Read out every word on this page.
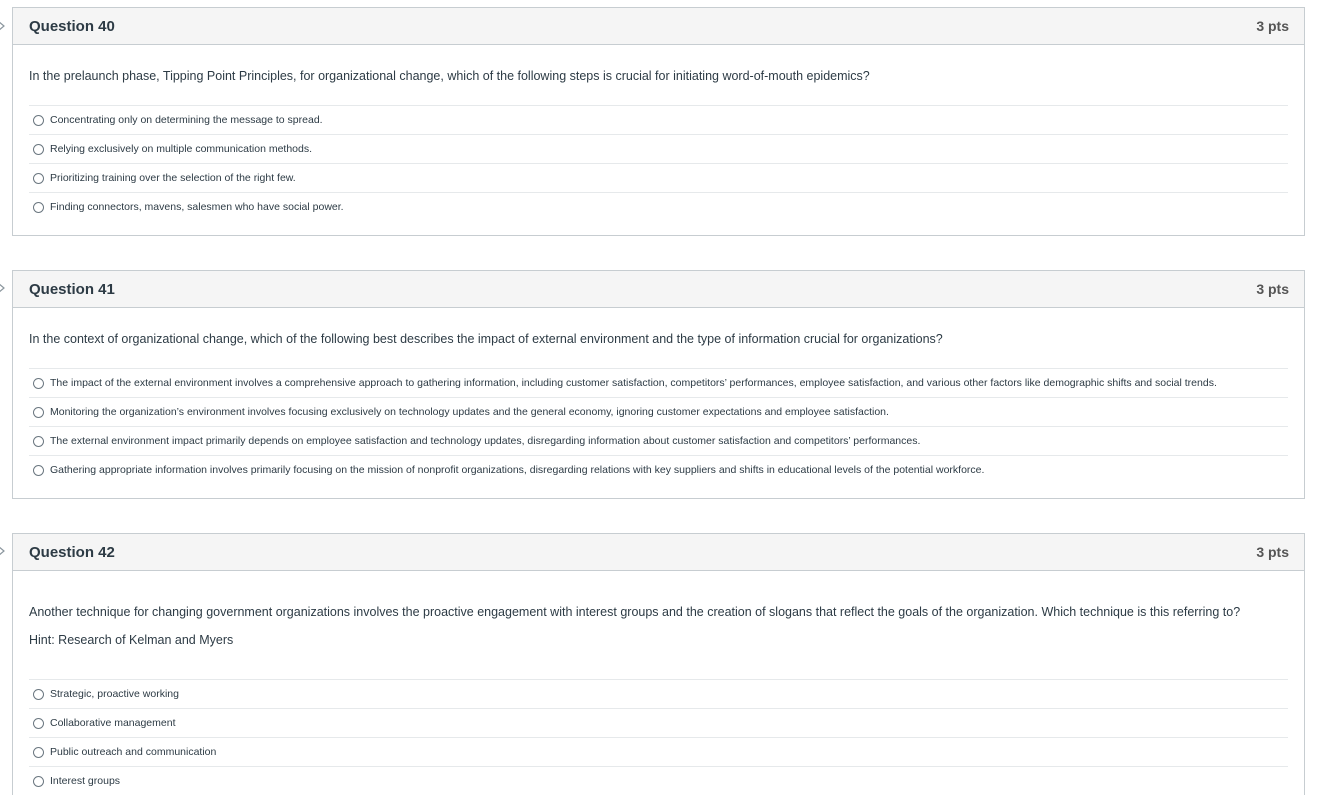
Question 40	3 pts
In the prelaunch phase, Tipping Point Principles, for organizational change, which of the following steps is crucial for initiating word-of-mouth epidemics?
Concentrating only on determining the message to spread.
Relying exclusively on multiple communication methods.
Prioritizing training over the selection of the right few.
Finding connectors, mavens, salesmen who have social power.
Question 41	3 pts
In the context of organizational change, which of the following best describes the impact of external environment and the type of information crucial for organizations?
The impact of the external environment involves a comprehensive approach to gathering information, including customer satisfaction, competitors’ performances, employee satisfaction, and various other factors like demographic shifts and social trends.
Monitoring the organization’s environment involves focusing exclusively on technology updates and the general economy, ignoring customer expectations and employee satisfaction.
The external environment impact primarily depends on employee satisfaction and technology updates, disregarding information about customer satisfaction and competitors’ performances.
Gathering appropriate information involves primarily focusing on the mission of nonprofit organizations, disregarding relations with key suppliers and shifts in educational levels of the potential workforce.
Question 42	3 pts
Another technique for changing government organizations involves the proactive engagement with interest groups and the creation of slogans that reflect the goals of the organization. Which technique is this referring to?
Hint: Research of Kelman and Myers
Strategic, proactive working
Collaborative management
Public outreach and communication
Interest groups
